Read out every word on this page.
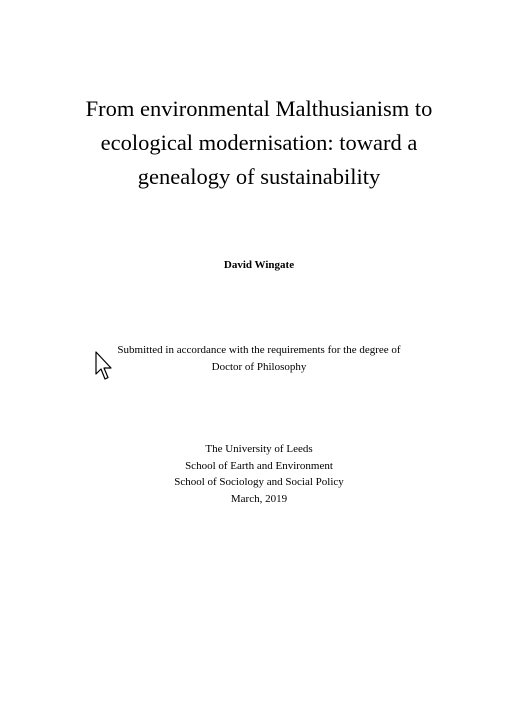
From environmental Malthusianism to
ecological modernisation: toward a
genealogy of sustainability
David Wingate
Submitted in accordance with the requirements for the degree of
Doctor of Philosophy
The University of Leeds
School of Earth and Environment
School of Sociology and Social Policy
March, 2019
